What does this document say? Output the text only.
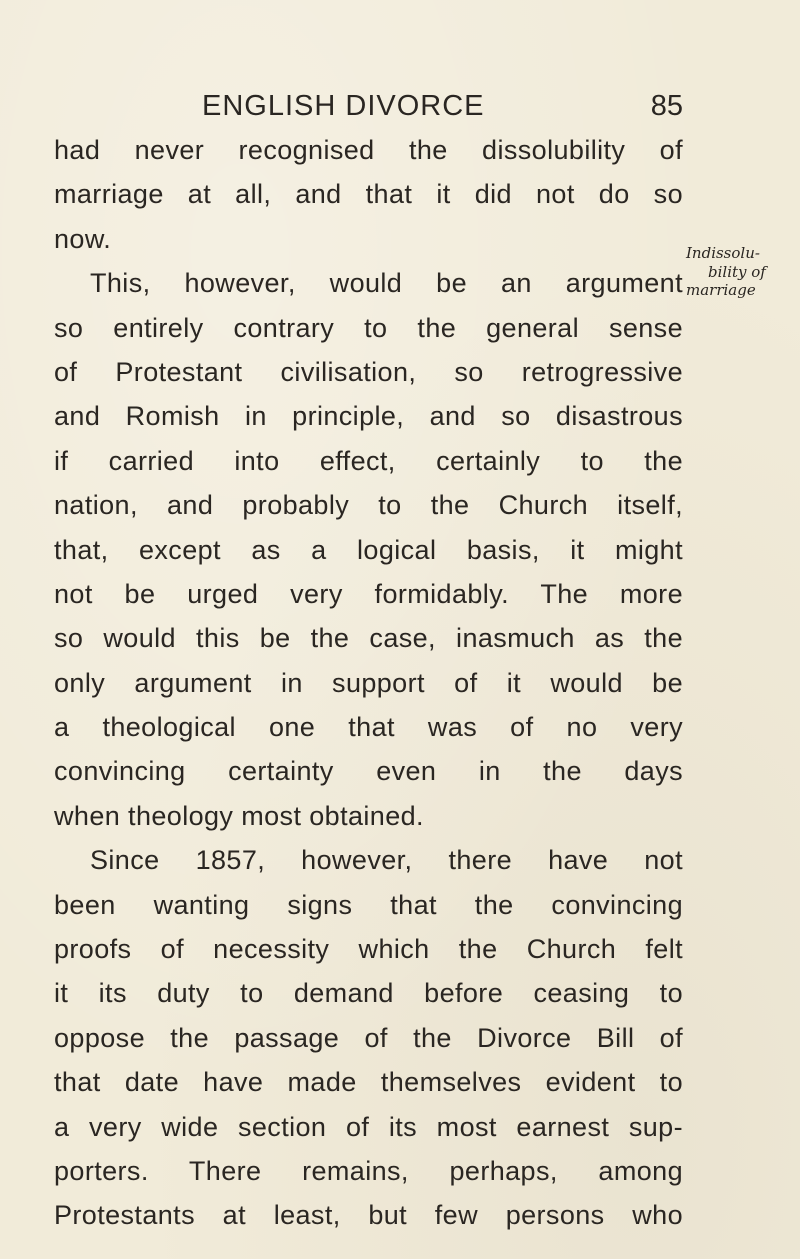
ENGLISH DIVORCE	85
had never recognised the dissolubility of
marriage at all, and that it did not do so
now.
This, however, would be an argument
so entirely contrary to the general sense
of Protestant civilisation, so retrogressive
and Romish in principle, and so disastrous
if carried into effect, certainly to the
nation, and probably to the Church itself,
that, except as a logical basis, it might
not be urged very formidably. The more
so would this be the case, inasmuch as the
only argument in support of it would be
a theological one that was of no very
convincing certainty even in the days
when theology most obtained.
Since 1857, however, there have not
been wanting signs that the convincing
proofs of necessity which the Church felt
it its duty to demand before ceasing to
oppose the passage of the Divorce Bill of
that date have made themselves evident to
a very wide section of its most earnest sup-
porters. There remains, perhaps, among
Protestants at least, but few persons who
Indissolu-
bility of
marriage
